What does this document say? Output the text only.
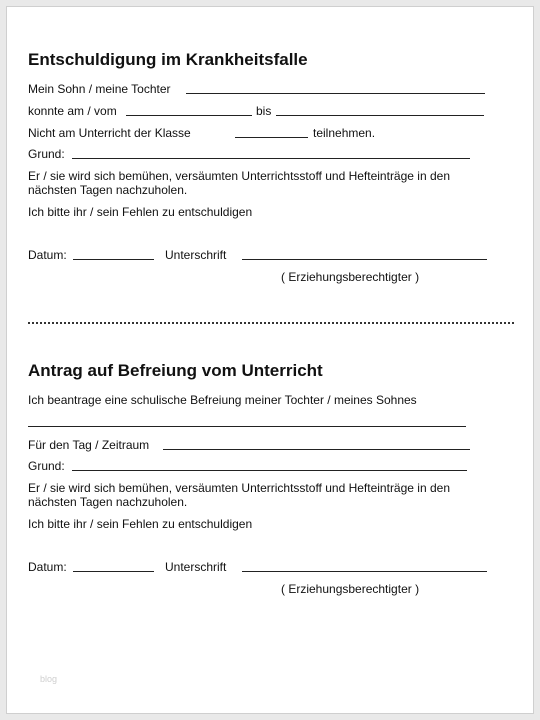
Entschuldigung im Krankheitsfalle
Mein Sohn / meine Tochter
konnte am / vom	bis
Nicht am Unterricht der Klasse	teilnehmen.
Grund:
Er / sie wird sich bemühen, versäumten Unterrichtsstoff und Hefteinträge in den
nächsten Tagen nachzuholen.
Ich bitte ihr / sein Fehlen zu entschuldigen
Datum:	Unterschrift
( Erziehungsberechtigter )
Antrag auf Befreiung vom Unterricht
Ich beantrage eine schulische Befreiung meiner Tochter / meines Sohnes
Für den Tag / Zeitraum
Grund:
Er / sie wird sich bemühen, versäumten Unterrichtsstoff und Hefteinträge in den
nächsten Tagen nachzuholen.
Ich bitte ihr / sein Fehlen zu entschuldigen
Datum:	Unterschrift
( Erziehungsberechtigter )
blog
